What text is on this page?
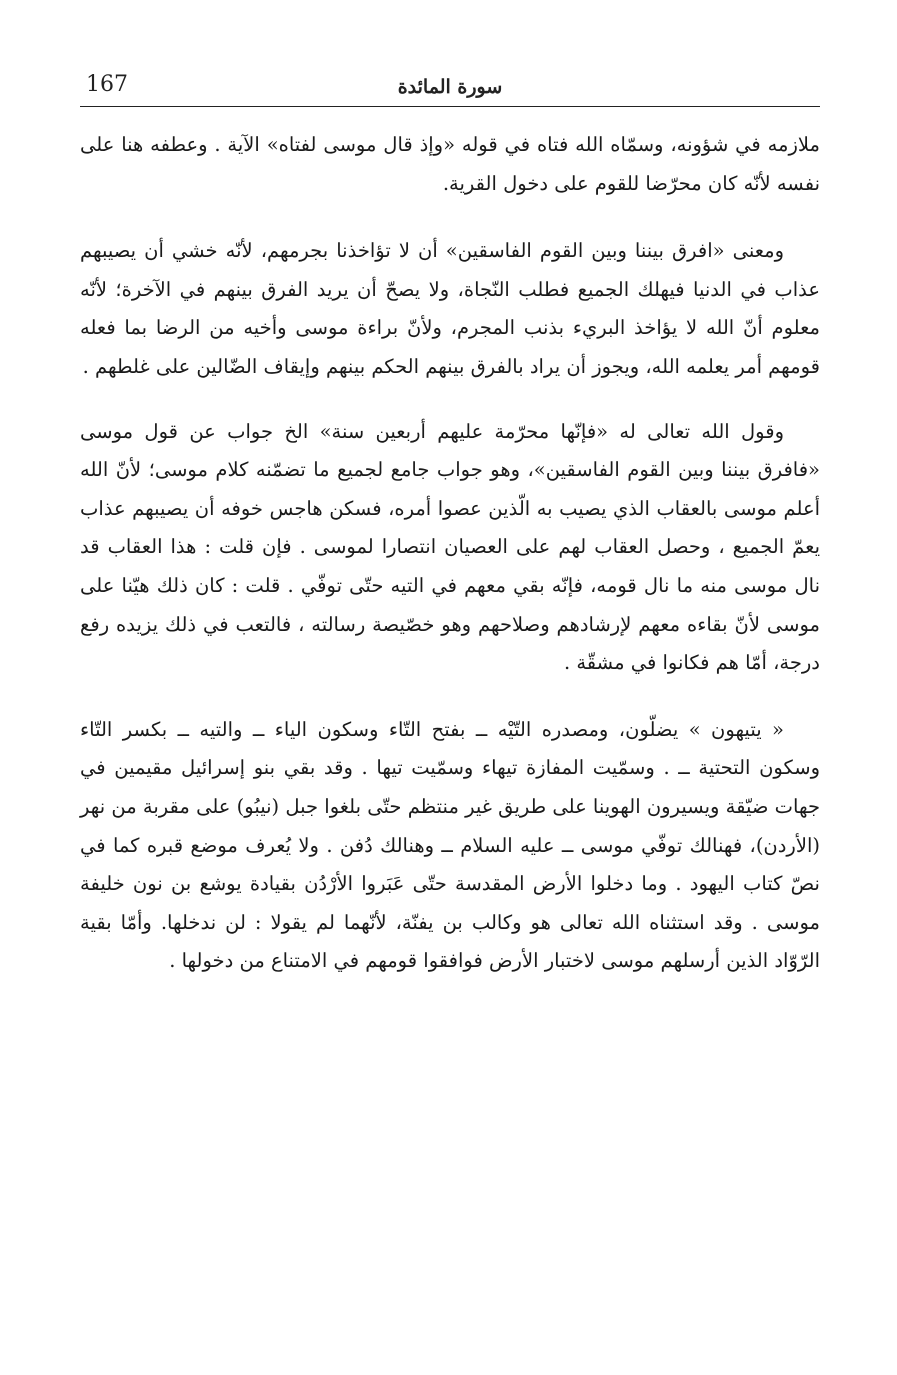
167	سورة المائدة

ملازمه في شؤونه، وسمّاه الله فتاه في قوله «وإذ قال موسى لفتاه» الآية . وعطفه هنا على نفسه لأنّه كان محرّضا للقوم على دخول القرية.

ومعنى «افرق بيننا وبين القوم الفاسقين» أن لا تؤاخذنا بجرمهم، لأنّه خشي أن يصيبهم عذاب في الدنيا فيهلك الجميع فطلب النّجاة، ولا يصحّ أن يريد الفرق بينهم في الآخرة؛ لأنّه معلوم أنّ الله لا يؤاخذ البريء بذنب المجرم، ولأنّ براءة موسى وأخيه من الرضا بما فعله قومهم أمر يعلمه الله، ويجوز أن يراد بالفرق بينهم الحكم بينهم وإيقاف الضّالين على غلطهم .

وقول الله تعالى له «فإنّها محرّمة عليهم أربعين سنة» الخ جواب عن قول موسى «فافرق بيننا وبين القوم الفاسقين»، وهو جواب جامع لجميع ما تضمّنه كلام موسى؛ لأنّ الله أعلم موسى بالعقاب الذي يصيب به الّذين عصوا أمره، فسكن هاجس خوفه أن يصيبهم عذاب يعمّ الجميع ، وحصل العقاب لهم على العصيان انتصارا لموسى . فإن قلت : هذا العقاب قد نال موسى منه ما نال قومه، فإنّه بقي معهم في التيه حتّى توفّي . قلت : كان ذلك هيّنا على موسى لأنّ بقاءه معهم لإرشادهم وصلاحهم وهو خصّيصة رسالته ، فالتعب في ذلك يزيده رفع درجة، أمّا هم فكانوا في مشقّة .

« يتيهون » يضلّون، ومصدره التّيْه ــ بفتح التّاء وسكون الياء ــ والتيه ــ بكسر التّاء وسكون التحتية ــ . وسمّيت المفازة تيهاء وسمّيت تيها . وقد بقي بنو إسرائيل مقيمين في جهات ضيّقة ويسيرون الهوينا على طريق غير منتظم حتّى بلغوا جبل (نيبُو) على مقربة من نهر (الأردن)، فهنالك توفّي موسى ــ عليه السلام ــ وهنالك دُفن . ولا يُعرف موضع قبره كما في نصّ كتاب اليهود . وما دخلوا الأرض المقدسة حتّى عَبَروا الأرْدُن بقيادة يوشع بن نون خليفة موسى . وقد استثناه الله تعالى هو وكالب بن يفنّة، لأنّهما لم يقولا : لن ندخلها. وأمّا بقية الرّوّاد الذين أرسلهم موسى لاختبار الأرض فوافقوا قومهم في الامتناع من دخولها .
